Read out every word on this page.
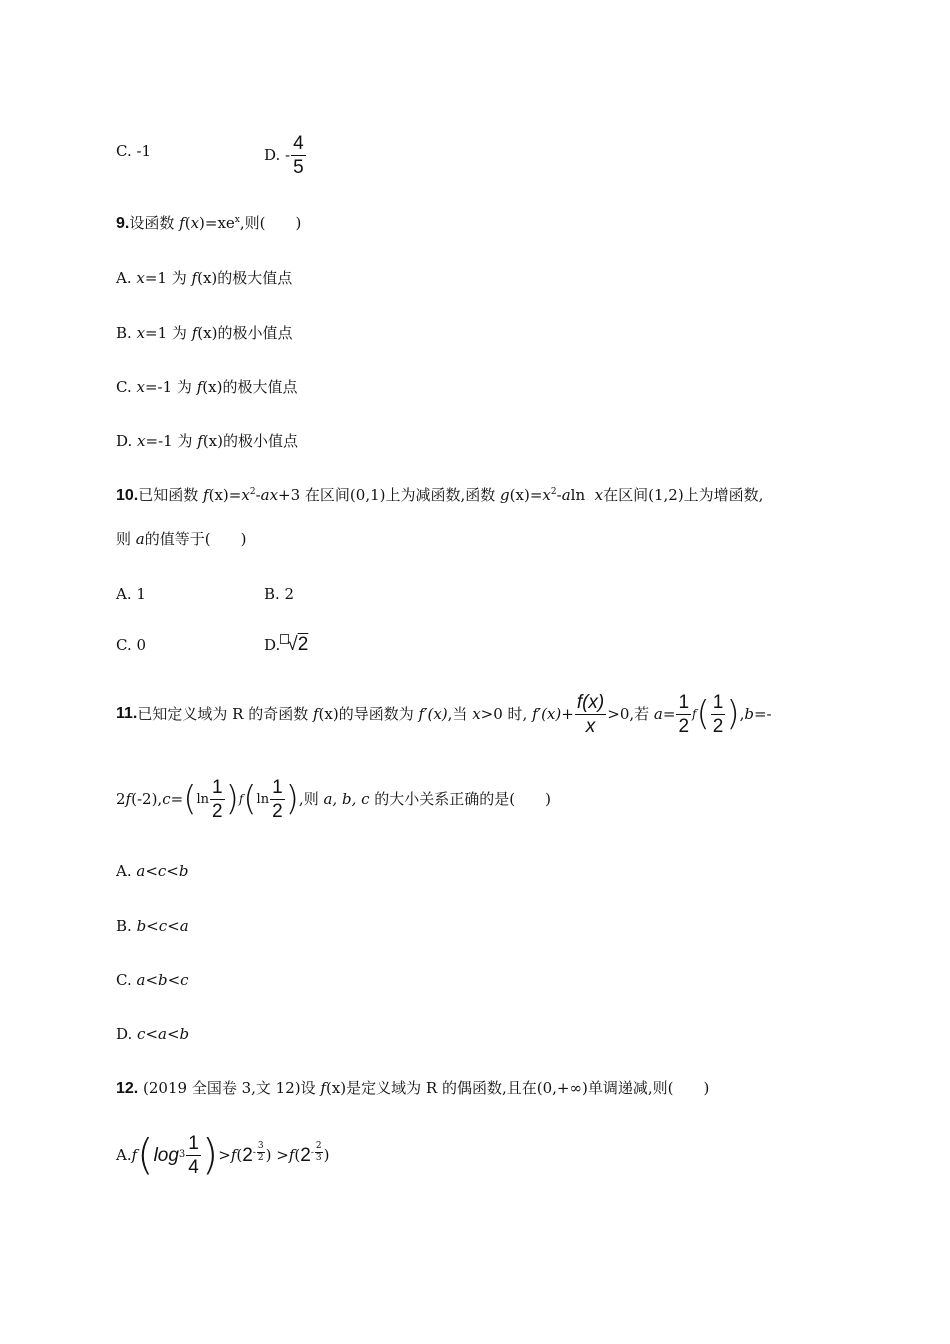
C. -1	D. - $\frac{4}{5}$
9.设函数 $f(x)=xe^x$,则(　　)
A. x=1 为 f(x)的极大值点
B. x=1 为 f(x)的极小值点
C. x=-1 为 f(x)的极大值点
D. x=-1 为 f(x)的极小值点
10.已知函数 $f(x)=x^2-ax+3$ 在区间(0,1)上为减函数,函数 $g(x)=x^2$-aln x在区间(1,2)上为增函数,
则 a的值等于(　　)
A. 1	B. 2
C. 0	D. √2
11. 已知定义域为 R 的奇函数
f (x) 的导函数为
f′(x) ,当
x >0 时,
$f'(x) + \frac{f(x)}{x} >0$,若
$a = \frac{1}{2}$ f ( $\frac{1}{2}$ ) , b =-
2 f (-2), c = ( $\ln \frac{1}{2}$ ) f ( $\ln \frac{1}{2}$ ) ,则
a, b, c
的大小关系正确的是(　　)
A. a<c<b
B. b<c<a
C. a<b<c
D. c<a<b
12. (2019 全国卷 3,文 12)设 f(x)是定义域为 R 的偶函数,且在(0,+∞)单调递减,则(　　)
A. f ( $\log 3 \frac{1}{4}$ ) > f ( $2 - \frac{3}{2}$ )
> f ( $2 - \frac{2}{3}$ )
